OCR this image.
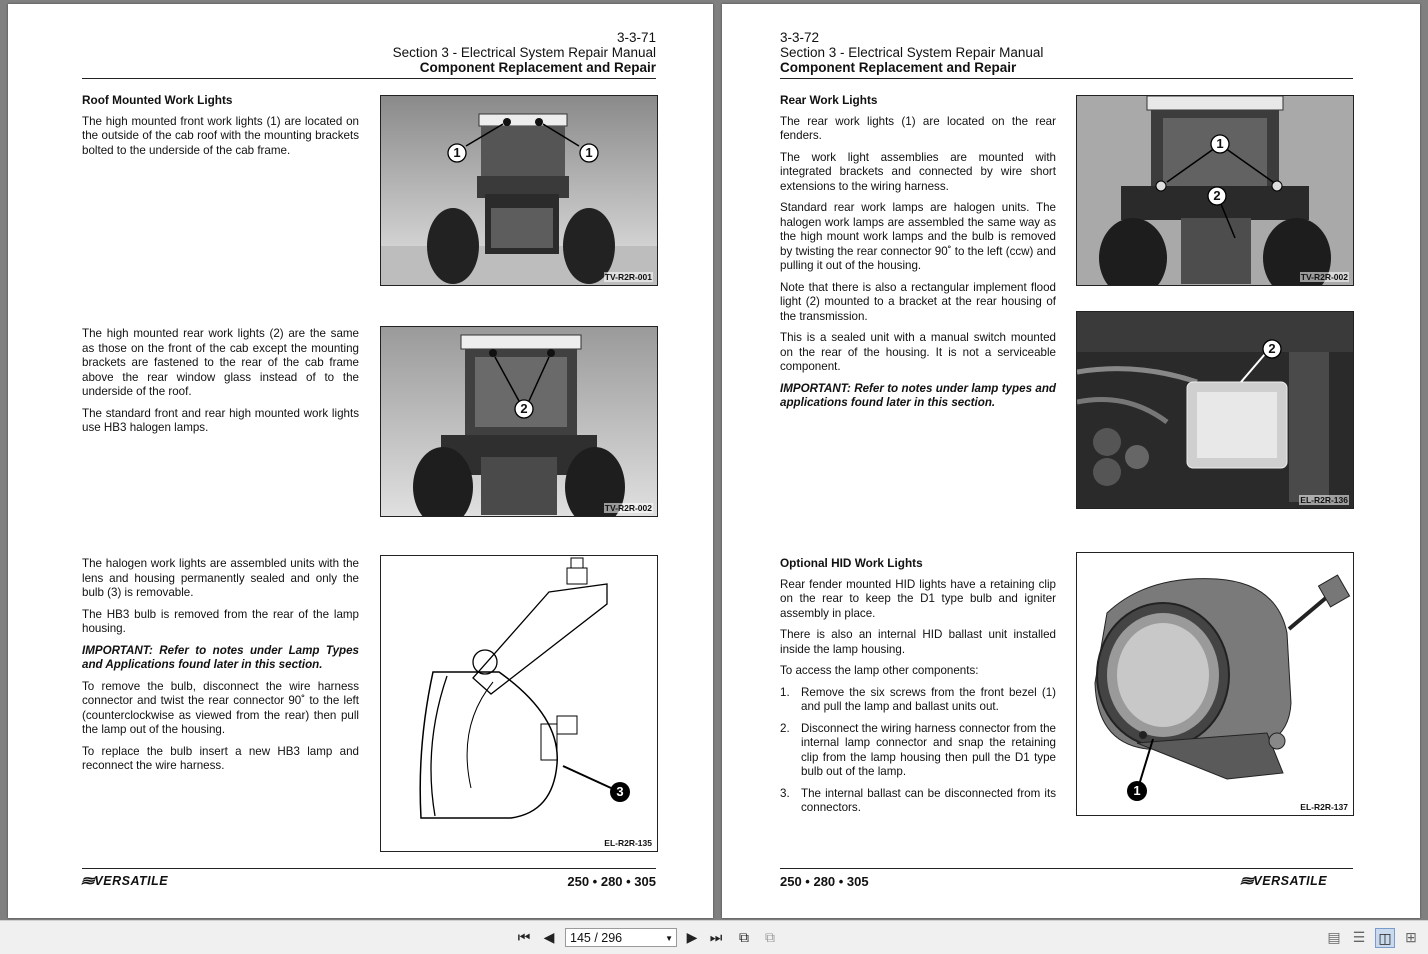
3-3-71
Section 3 - Electrical System Repair Manual
Component Replacement and Repair
Roof Mounted Work Lights

The high mounted front work lights (1) are located on the outside of the cab roof with the mounting brackets bolted to the underside of the cab frame.	1	1
TV-R2R-001

The high mounted rear work lights (2) are the same as those on the front of the cab except the mounting brackets are fastened to the rear of the cab frame above the rear window glass instead of to the underside of the roof.

The standard front and rear high mounted work lights use HB3 halogen lamps.

2
TV-R2R-002

The halogen work lights are assembled units with the lens and housing permanently sealed and only the bulb (3) is removable.

The HB3 bulb is removed from the rear of the lamp housing.

IMPORTANT: Refer to notes under Lamp Types and Applications found later in this section.

To remove the bulb, disconnect the wire harness connector and twist the rear connector 90˚ to the left (counterclockwise as viewed from the rear) then pull the lamp out of the housing.

To replace the bulb insert a new HB3 lamp and reconnect the wire harness.

3
EL-R2R-135
≋VERSATILE	250 • 280 • 305
3-3-72
Section 3 - Electrical System Repair Manual
Component Replacement and Repair
Rear Work Lights

The rear work lights (1) are located on the rear fenders.

The work light assemblies are mounted with integrated brackets and connected by wire short extensions to the wiring harness.

Standard rear work lamps are halogen units. The halogen work lamps are assembled the same way as the high mount work lamps and the bulb is removed by twisting the rear connector 90˚ to the left (ccw) and pulling it out of the housing.

Note that there is also a rectangular implement flood light (2) mounted to a bracket at the rear housing of the transmission.

This is a sealed unit with a manual switch mounted on the rear of the housing. It is not a serviceable component.

IMPORTANT: Refer to notes under lamp types and applications found later in this section.

1
2
TV-R2R-002
2
EL-R2R-136
Optional HID Work Lights

Rear fender mounted HID lights have a retaining clip on the rear to keep the D1 type bulb and igniter assembly in place.

There is also an internal HID ballast unit installed inside the lamp housing.

To access the lamp other components:

1. Remove the six screws from the front bezel (1) and pull the lamp and ballast units out.
2. Disconnect the wiring harness connector from the internal lamp connector and snap the retaining clip from the lamp housing then pull the D1 type bulb out of the lamp.
3. The internal ballast can be disconnected from its connectors.
1
EL-R2R-137
250 • 280 • 305	≋VERSATILE
⏮ ◀	145 / 296	▼ ▶ ⏭ ⧉ ⧉	▤ ☰ ◫ ⊞
